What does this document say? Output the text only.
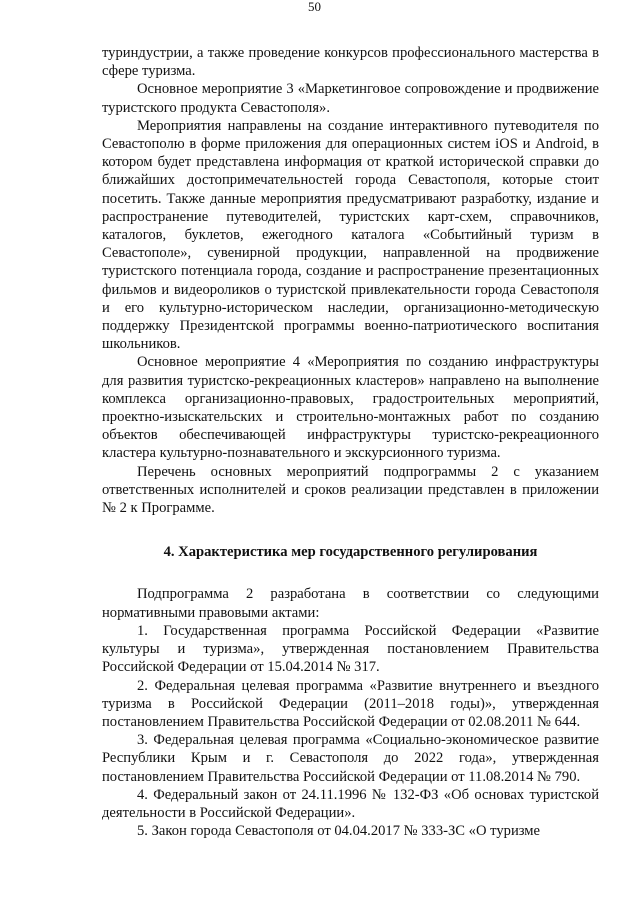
50

туриндустрии, а также проведение конкурсов профессионального мастерства в сфере туризма.

Основное мероприятие 3 «Маркетинговое сопровождение и продвижение туристского продукта Севастополя».

Мероприятия направлены на создание интерактивного путеводителя по Севастополю в форме приложения для операционных систем iOS и Android, в котором будет представлена информация от краткой исторической справки до ближайших достопримечательностей города Севастополя, которые стоит посетить. Также данные мероприятия предусматривают разработку, издание и распространение путеводителей, туристских карт-схем, справочников, каталогов, буклетов, ежегодного каталога «Событийный туризм в Севастополе», сувенирной продукции, направленной на продвижение туристского потенциала города, создание и распространение презентационных фильмов и видеороликов о туристской привлекательности города Севастополя и его культурно-историческом наследии, организационно-методическую поддержку Президентской программы военно-патриотического воспитания школьников.

Основное мероприятие 4 «Мероприятия по созданию инфраструктуры для развития туристско-рекреационных кластеров» направлено на выполнение комплекса организационно-правовых, градостроительных мероприятий, проектно-изыскательских и строительно-монтажных работ по созданию объектов обеспечивающей инфраструктуры туристско-рекреационного кластера культурно-познавательного и экскурсионного туризма.

Перечень основных мероприятий подпрограммы 2 с указанием ответственных исполнителей и сроков реализации представлен в приложении № 2 к Программе.

4. Характеристика мер государственного регулирования

Подпрограмма 2 разработана в соответствии со следующими нормативными правовыми актами:

1. Государственная программа Российской Федерации «Развитие культуры и туризма», утвержденная постановлением Правительства Российской Федерации от 15.04.2014 № 317.

2. Федеральная целевая программа «Развитие внутреннего и въездного туризма в Российской Федерации (2011–2018 годы)», утвержденная постановлением Правительства Российской Федерации от 02.08.2011 № 644.

3. Федеральная целевая программа «Социально-экономическое развитие Республики Крым и г. Севастополя до 2022 года», утвержденная постановлением Правительства Российской Федерации от 11.08.2014 № 790.

4. Федеральный закон от 24.11.1996 № 132-ФЗ «Об основах туристской деятельности в Российской Федерации».

5. Закон города Севастополя от 04.04.2017 № 333-ЗС «О туризме
